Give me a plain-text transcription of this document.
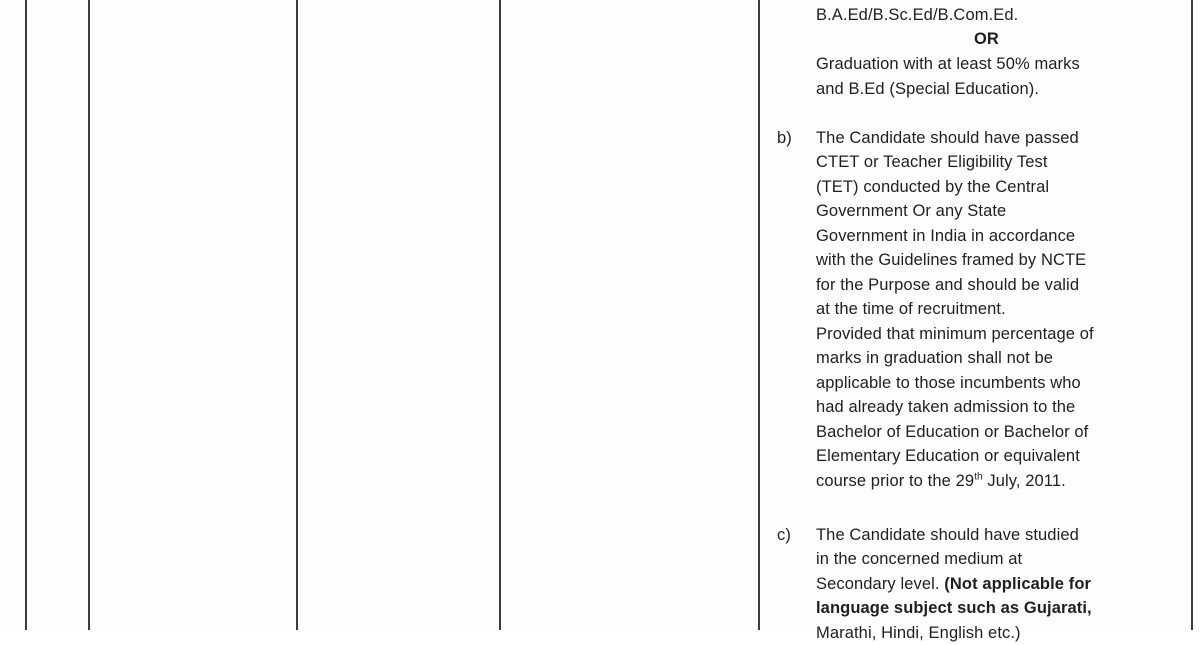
B.A.Ed/B.Sc.Ed/B.Com.Ed.
OR
Graduation with at least 50% marks
and B.Ed (Special Education).
b) The Candidate should have passed
CTET or Teacher Eligibility Test
(TET) conducted by the Central
Government Or any State
Government in India in accordance
with the Guidelines framed by NCTE
for the Purpose and should be valid
at the time of recruitment.
Provided that minimum percentage of
marks in graduation shall not be
applicable to those incumbents who
had already taken admission to the
Bachelor of Education or Bachelor of
Elementary Education or equivalent
course prior to the 29th July, 2011.
c) The Candidate should have studied
in the concerned medium at
Secondary level. (Not applicable for
language subject such as Gujarati,
Marathi, Hindi, English etc.)
